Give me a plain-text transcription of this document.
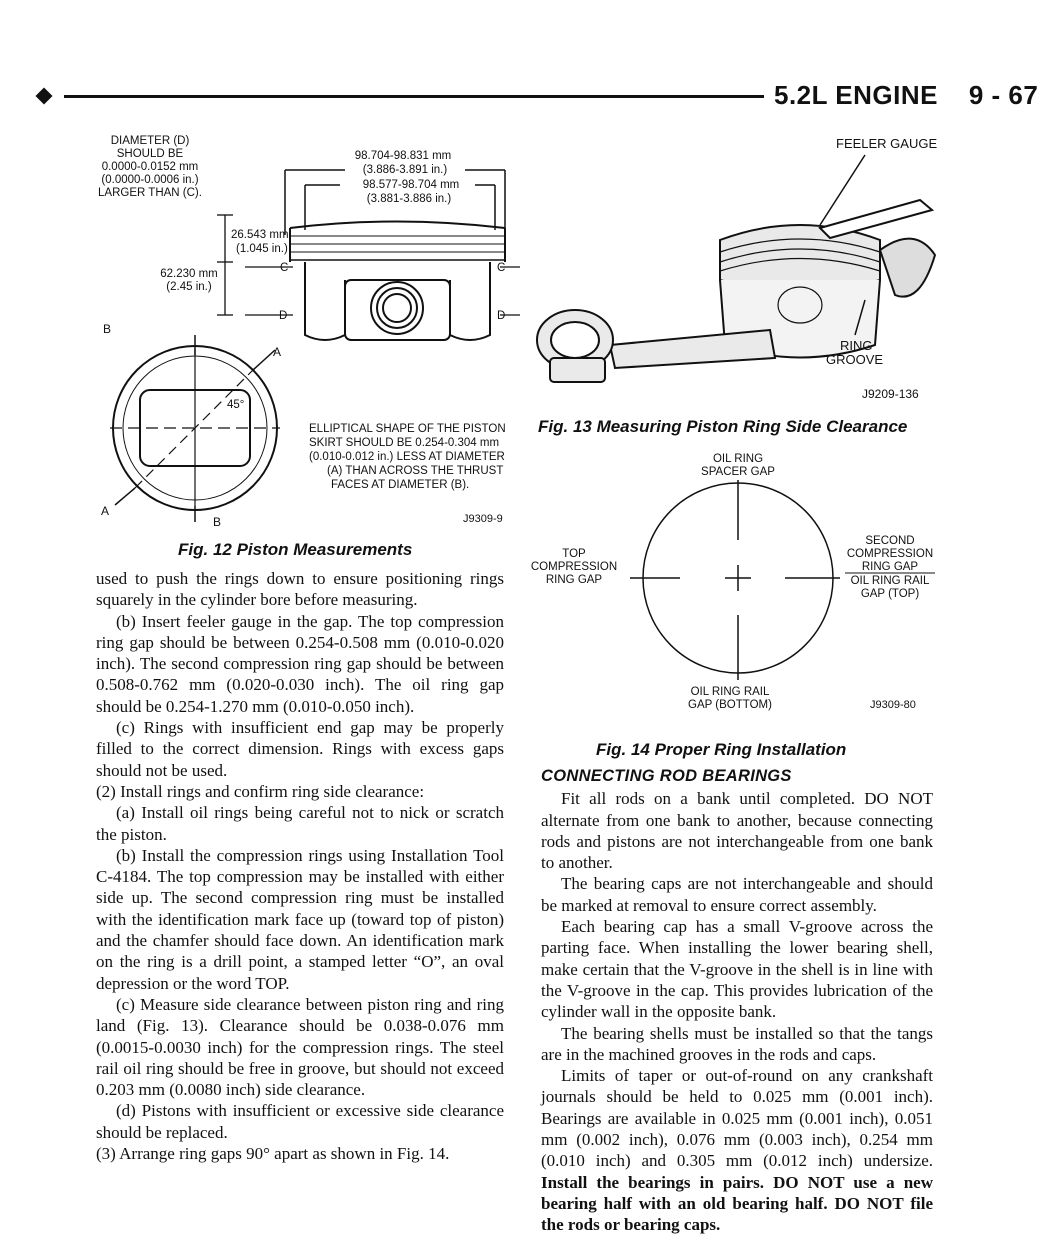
5.2L ENGINE    9 - 67
DIAMETER (D)
SHOULD BE
0.0000-0.0152 mm
(0.0000-0.0006 in.)
LARGER THAN (C).
98.704-98.831 mm
(3.886-3.891 in.)
98.577-98.704 mm
(3.881-3.886 in.)
26.543 mm
(1.045 in.)
62.230 mm
(2.45 in.)
C	C
D	D
B
A
A
B
45°
ELLIPTICAL SHAPE OF THE PISTON
SKIRT SHOULD BE 0.254-0.304 mm
(0.010-0.012 in.) LESS AT DIAMETER
(A) THAN ACROSS THE THRUST
FACES AT DIAMETER (B).
J9309-9
Fig. 12 Piston Measurements
FEELER GAUGE
RING
GROOVE
J9209-136
Fig. 13 Measuring Piston Ring Side Clearance
OIL RING
SPACER GAP
TOP
COMPRESSION
RING GAP
SECOND
COMPRESSION
RING GAP
OIL RING RAIL
GAP (TOP)
OIL RING RAIL
GAP (BOTTOM)	J9309-80
Fig. 14 Proper Ring Installation

used to push the rings down to ensure positioning rings squarely in the cylinder bore before measuring.

(b) Insert feeler gauge in the gap. The top compression ring gap should be between 0.254-0.508 mm (0.010-0.020 inch). The second compression ring gap should be between 0.508-0.762 mm (0.020-0.030 inch). The oil ring gap should be 0.254-1.270 mm (0.010-0.050 inch).

(c) Rings with insufficient end gap may be properly filled to the correct dimension. Rings with excess gaps should not be used.

(2) Install rings and confirm ring side clearance:

(a) Install oil rings being careful not to nick or scratch the piston.

(b) Install the compression rings using Installation Tool C-4184. The top compression may be installed with either side up. The second compression ring must be installed with the identification mark face up (toward top of piston) and the chamfer should face down. An identification mark on the ring is a drill point, a stamped letter “O”, an oval depression or the word TOP.

(c) Measure side clearance between piston ring and ring land (Fig. 13). Clearance should be 0.038-0.076 mm (0.0015-0.0030 inch) for the compression rings. The steel rail oil ring should be free in groove, but should not exceed 0.203 mm (0.0080 inch) side clearance.

(d) Pistons with insufficient or excessive side clearance should be replaced.

(3) Arrange ring gaps 90° apart as shown in Fig. 14.

CONNECTING ROD BEARINGS

Fit all rods on a bank until completed. DO NOT alternate from one bank to another, because connecting rods and pistons are not interchangeable from one bank to another.

The bearing caps are not interchangeable and should be marked at removal to ensure correct assembly.

Each bearing cap has a small V-groove across the parting face. When installing the lower bearing shell, make certain that the V-groove in the shell is in line with the V-groove in the cap. This provides lubrication of the cylinder wall in the opposite bank.

The bearing shells must be installed so that the tangs are in the machined grooves in the rods and caps.

Limits of taper or out-of-round on any crankshaft journals should be held to 0.025 mm (0.001 inch). Bearings are available in 0.025 mm (0.001 inch), 0.051 mm (0.002 inch), 0.076 mm (0.003 inch), 0.254 mm (0.010 inch) and 0.305 mm (0.012 inch) undersize. Install the bearings in pairs. DO NOT use a new bearing half with an old bearing half. DO NOT file the rods or bearing caps.
